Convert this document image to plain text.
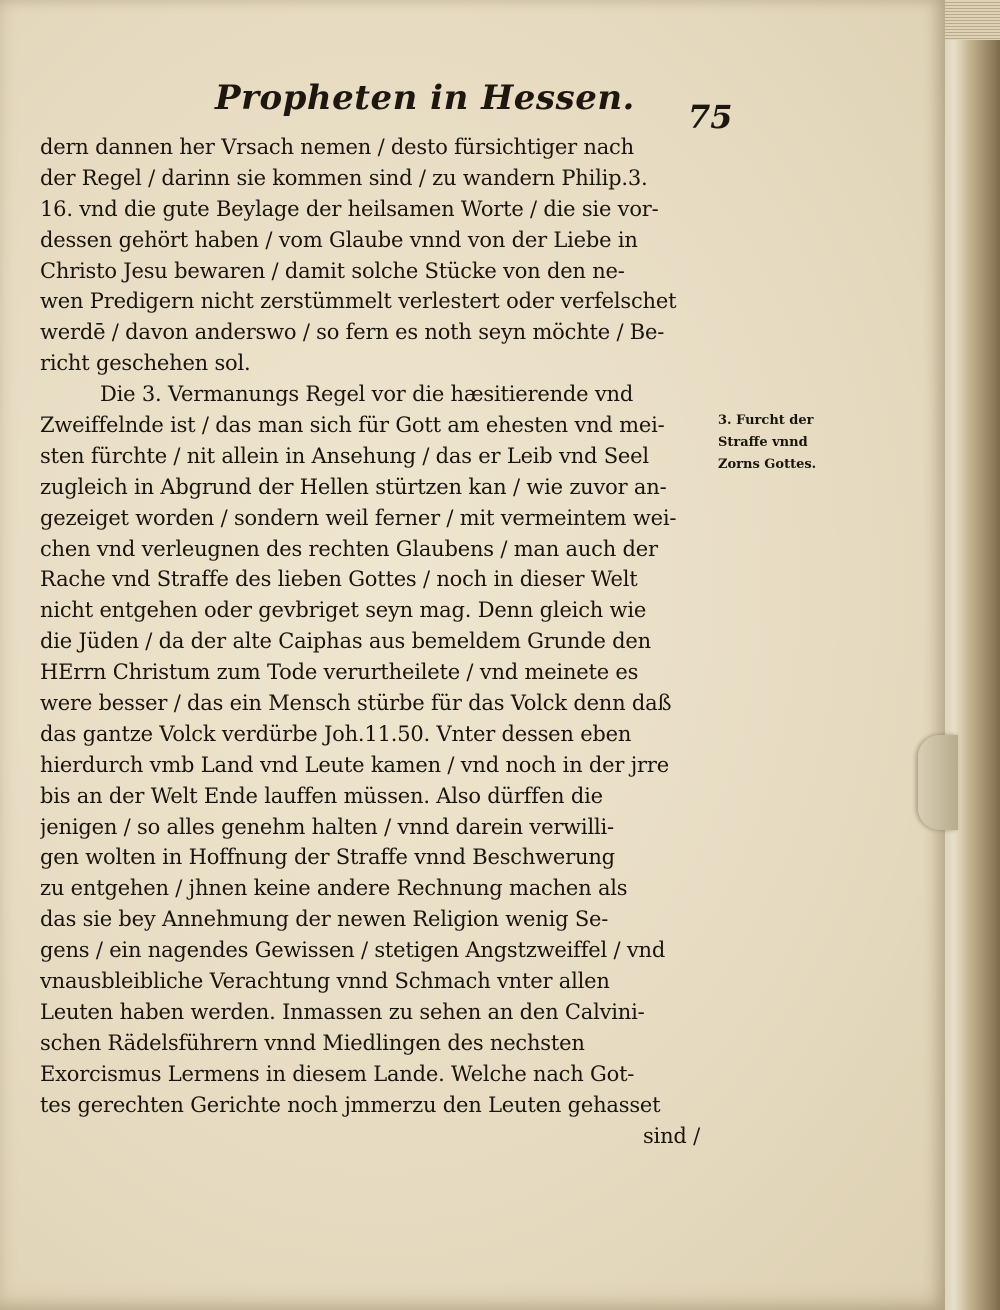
Propheten in Hessen. 75
dern dannen her Vrsach nemen / desto fürsichtiger nach
der Regel / darinn sie kommen sind / zu wandern Philip.3.
16. vnd die gute Beylage der heilsamen Worte / die sie vor-
dessen gehört haben / vom Glaube vnnd von der Liebe in
Christo Jesu bewaren / damit solche Stücke von den ne-
wen Predigern nicht zerstümmelt verlestert oder verfelschet
werdē / davon anderswo / so fern es noth seyn möchte / Be-
richt geschehen sol.
Die 3. Vermanungs Regel vor die hæsitierende vnd
Zweiffelnde ist / das man sich für Gott am ehesten vnd mei-
sten fürchte / nit allein in Ansehung / das er Leib vnd Seel
zugleich in Abgrund der Hellen stürtzen kan / wie zuvor an-
gezeiget worden / sondern weil ferner / mit vermeintem wei-
chen vnd verleugnen des rechten Glaubens / man auch der
Rache vnd Straffe des lieben Gottes / noch in dieser Welt
nicht entgehen oder gevbriget seyn mag. Denn gleich wie
die Jüden / da der alte Caiphas aus bemeldem Grunde den
HErrn Christum zum Tode verurtheilete / vnd meinete es
were besser / das ein Mensch stürbe für das Volck denn daß
das gantze Volck verdürbe Joh.11.50. Vnter dessen eben
hierdurch vmb Land vnd Leute kamen / vnd noch in der jrre
bis an der Welt Ende lauffen müssen. Also dürffen die
jenigen / so alles genehm halten / vnnd darein verwilli-
gen wolten in Hoffnung der Straffe vnnd Beschwerung
zu entgehen / jhnen keine andere Rechnung machen als
das sie bey Annehmung der newen Religion wenig Se-
gens / ein nagendes Gewissen / stetigen Angstzweiffel / vnd
vnausbleibliche Verachtung vnnd Schmach vnter allen
Leuten haben werden. Inmassen zu sehen an den Calvini-
schen Rädelsführern vnnd Miedlingen des nechsten
Exorcismus Lermens in diesem Lande. Welche nach Got-
tes gerechten Gerichte noch jmmerzu den Leuten gehasset
sind /
3. Furcht der
Straffe vnnd
Zorns Gottes.
